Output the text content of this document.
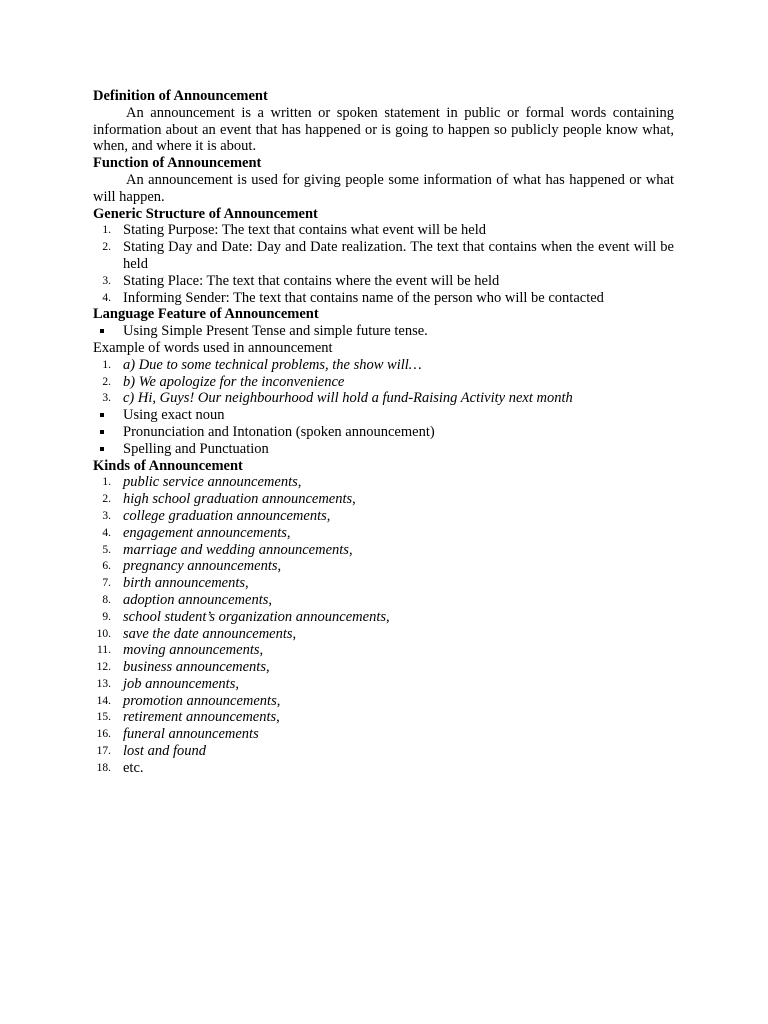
Definition of Announcement
An announcement is a written or spoken statement in public or formal words containing information about an event that has happened or is going to happen so publicly people know what, when, and where it is about.
Function of Announcement
An announcement is used for giving people some information of what has happened or what will happen.
Generic Structure of Announcement
1. Stating Purpose: The text that contains what event will be held
2. Stating Day and Date: Day and Date realization. The text that contains when the event will be held
3. Stating Place: The text that contains where the event will be held
4. Informing Sender: The text that contains name of the person who will be contacted
Language Feature of Announcement
Using Simple Present Tense and simple future tense.
Example of words used in announcement
1. a) Due to some technical problems, the show will…
2. b) We apologize for the inconvenience
3. c) Hi, Guys! Our neighbourhood will hold a fund-Raising Activity next month
Using exact noun
Pronunciation and Intonation (spoken announcement)
Spelling and Punctuation
Kinds of Announcement
1. public service announcements,
2. high school graduation announcements,
3. college graduation announcements,
4. engagement announcements,
5. marriage and wedding announcements,
6. pregnancy announcements,
7. birth announcements,
8. adoption announcements,
9. school student’s organization announcements,
10. save the date announcements,
11. moving announcements,
12. business announcements,
13. job announcements,
14. promotion announcements,
15. retirement announcements,
16. funeral announcements
17. lost and found
18. etc.
